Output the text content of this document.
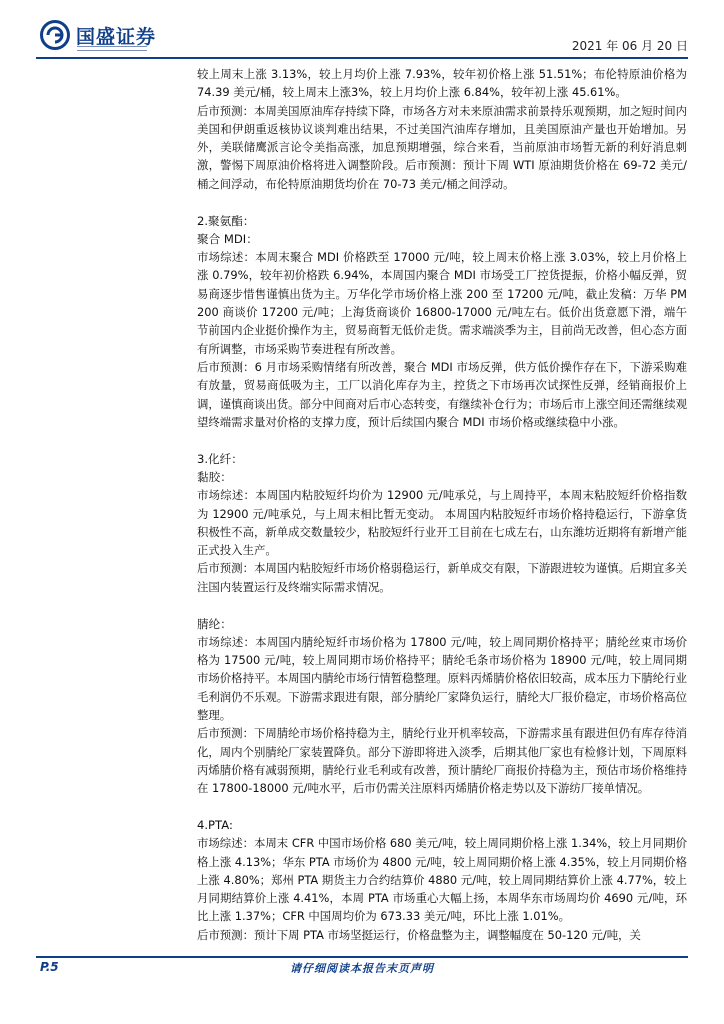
国盛证券	2021 年 06 月 20 日

较上周末上涨 3.13%，较上月均价上涨 7.93%，较年初价格上涨 51.51%；布伦特原油价格为 74.39 美元/桶，较上周末上涨3%，较上月均价上涨 6.84%，较年初上涨 45.61%。

后市预测：本周美国原油库存持续下降，市场各方对未来原油需求前景持乐观预期，加之短时间内美国和伊朗重返核协议谈判难出结果，不过美国汽油库存增加，且美国原油产量也开始增加。另外，美联储鹰派言论令美指高涨，加息预期增强，综合来看，当前原油市场暂无新的利好消息刺激，警惕下周原油价格将进入调整阶段。后市预测：预计下周 WTI 原油期货价格在 69-72 美元/桶之间浮动，布伦特原油期货均价在 70-73 美元/桶之间浮动。

2.聚氨酯：

聚合 MDI：

市场综述：本周末聚合 MDI 价格跌至 17000 元/吨，较上周末价格上涨 3.03%，较上月价格上涨 0.79%，较年初价格跌 6.94%，本周国内聚合 MDI 市场受工厂控货提振，价格小幅反弹，贸易商逐步惜售谨慎出货为主。万华化学市场价格上涨 200 至 17200 元/吨，截止发稿：万华 PM200 商谈价 17200 元/吨；上海货商谈价 16800-17000 元/吨左右。低价出货意愿下滑，端午节前国内企业挺价操作为主，贸易商暂无低价走货。需求端淡季为主，目前尚无改善，但心态方面有所调整，市场采购节奏进程有所改善。

后市预测：6 月市场采购情绪有所改善，聚合 MDI 市场反弹，供方低价操作存在下，下游采购难有放量，贸易商低吸为主，工厂以消化库存为主，控货之下市场再次试探性反弹，经销商报价上调，谨慎商谈出货。部分中间商对后市心态转变，有继续补仓行为；市场后市上涨空间还需继续观望终端需求量对价格的支撑力度，预计后续国内聚合 MDI 市场价格或继续稳中小涨。

3.化纤：

黏胶：

市场综述：本周国内粘胶短纤均价为 12900 元/吨承兑，与上周持平，本周末粘胶短纤价格指数为 12900 元/吨承兑，与上周末相比暂无变动。 本周国内粘胶短纤市场价格持稳运行，下游拿货积极性不高，新单成交数量较少，粘胶短纤行业开工目前在七成左右，山东潍坊近期将有新增产能正式投入生产。

后市预测：本周国内粘胶短纤市场价格弱稳运行，新单成交有限，下游跟进较为谨慎。后期宜多关注国内装置运行及终端实际需求情况。

腈纶：

市场综述：本周国内腈纶短纤市场价格为 17800 元/吨，较上周同期价格持平；腈纶丝束市场价格为 17500 元/吨，较上周同期市场价格持平；腈纶毛条市场价格为 18900 元/吨，较上周同期市场价格持平。本周国内腈纶市场行情暂稳整理。原料丙烯腈价格依旧较高，成本压力下腈纶行业毛利润仍不乐观。下游需求跟进有限，部分腈纶厂家降负运行，腈纶大厂报价稳定，市场价格高位整理。

后市预测：下周腈纶市场价格持稳为主，腈纶行业开机率较高，下游需求虽有跟进但仍有库存待消化，周内个别腈纶厂家装置降负。部分下游即将进入淡季，后期其他厂家也有检修计划，下周原料丙烯腈价格有减弱预期，腈纶行业毛利或有改善，预计腈纶厂商报价持稳为主，预估市场价格维持在 17800-18000 元/吨水平，后市仍需关注原料丙烯腈价格走势以及下游纺厂接单情况。

4.PTA:

市场综述：本周末 CFR 中国市场价格 680 美元/吨，较上周同期价格上涨 1.34%，较上月同期价格上涨 4.13%；华东 PTA 市场价为 4800 元/吨，较上周同期价格上涨 4.35%，较上月同期价格上涨 4.80%；郑州 PTA 期货主力合约结算价 4880 元/吨，较上周同期结算价上涨 4.77%，较上月同期结算价上涨 4.41%，本周 PTA 市场重心大幅上扬，本周华东市场周均价 4690 元/吨，环比上涨 1.37%；CFR 中国周均价为 673.33 美元/吨，环比上涨 1.01%。

后市预测：预计下周 PTA 市场坚挺运行，价格盘整为主，调整幅度在 50-120 元/吨，关

P.5	请仔细阅读本报告末页声明
